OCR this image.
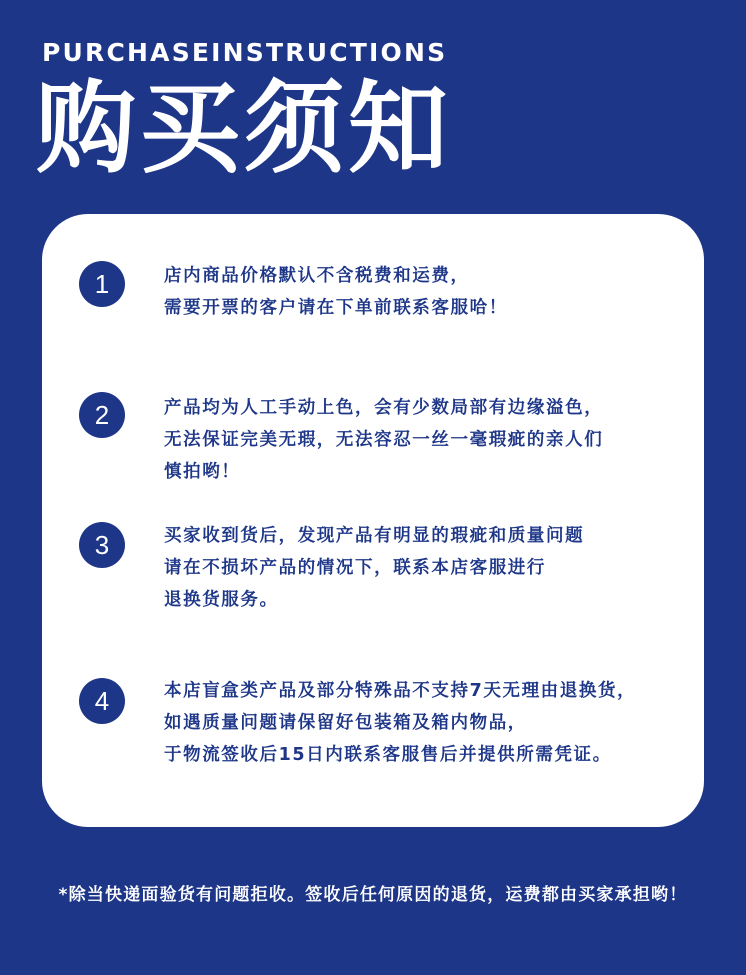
PURCHASEINSTRUCTIONS
购买须知
1	店内商品价格默认不含税费和运费，
需要开票的客户请在下单前联系客服哈！
2	产品均为人工手动上色，会有少数局部有边缘溢色，
无法保证完美无瑕，无法容忍一丝一毫瑕疵的亲人们
慎拍哟！
3	买家收到货后，发现产品有明显的瑕疵和质量问题
请在不损坏产品的情况下，联系本店客服进行
退换货服务。
4	本店盲盒类产品及部分特殊品不支持7天无理由退换货，
如遇质量问题请保留好包装箱及箱内物品，
于物流签收后15日内联系客服售后并提供所需凭证。
*除当快递面验货有问题拒收。签收后任何原因的退货，运费都由买家承担哟！
